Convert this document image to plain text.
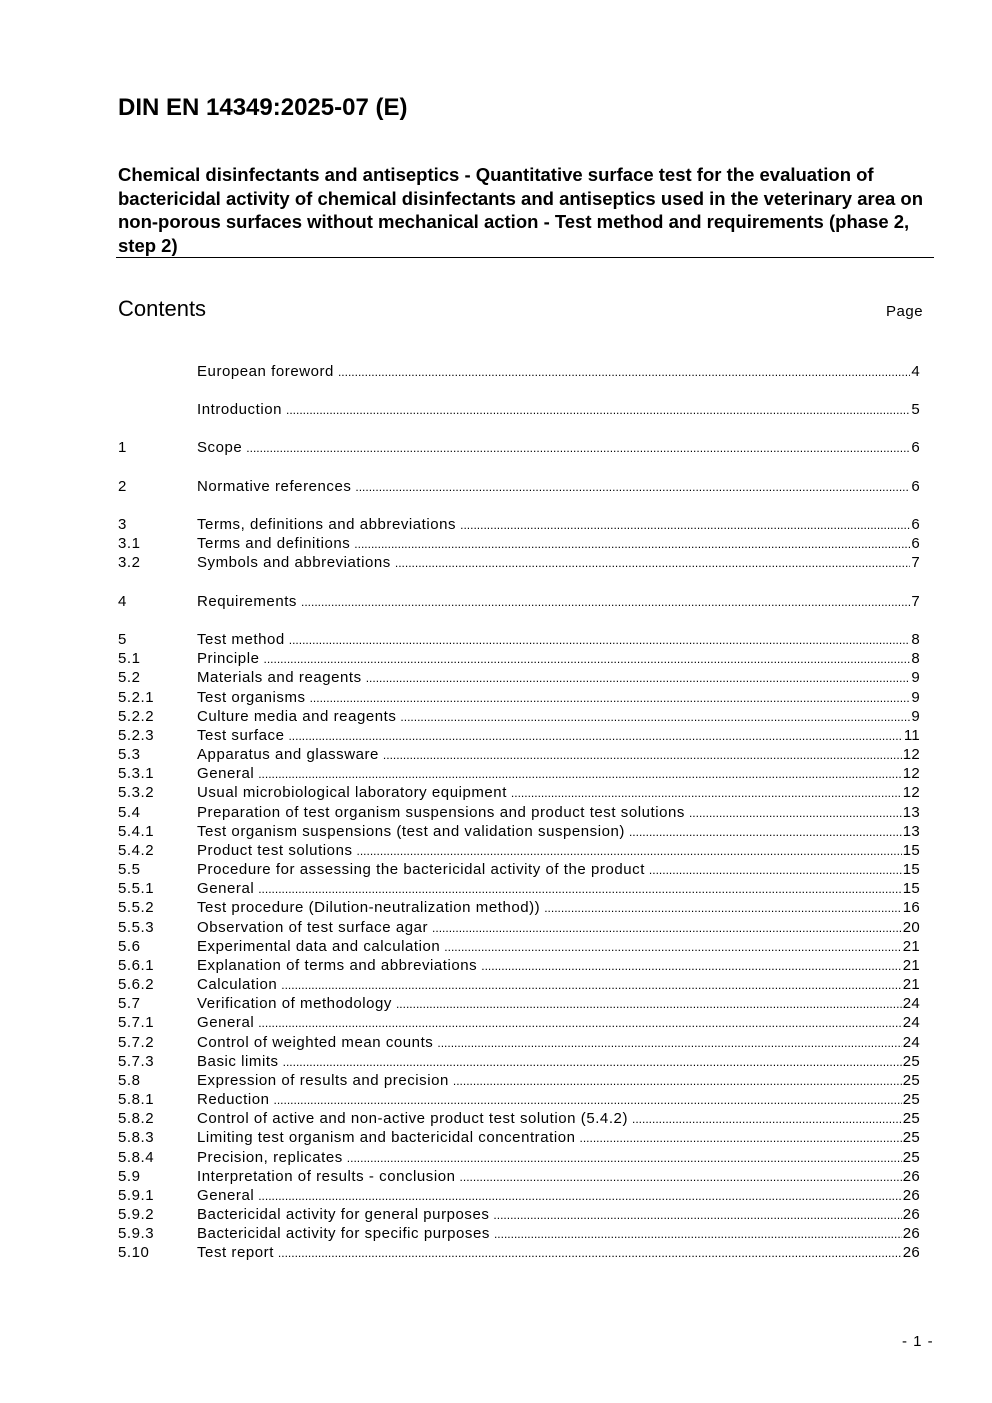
DIN EN 14349:2025-07 (E)
Chemical disinfectants and antiseptics - Quantitative surface test for the evaluation of bactericidal activity of chemical disinfectants and antiseptics used in the veterinary area on non-porous surfaces without mechanical action - Test method and requirements (phase 2, step 2)
Contents	Page
European foreword .....	4
Introduction .....	5
1	Scope .....	6
2	Normative references .....	6
3	Terms, definitions and abbreviations .....	6
3.1	Terms and definitions .....	6
3.2	Symbols and abbreviations .....	7
4	Requirements .....	7
5	Test method .....	8
5.1	Principle .....	8
5.2	Materials and reagents .....	9
5.2.1	Test organisms .....	9
5.2.2	Culture media and reagents .....	9
5.2.3	Test surface .....	11
5.3	Apparatus and glassware .....	12
5.3.1	General .....	12
5.3.2	Usual microbiological laboratory equipment .....	12
5.4	Preparation of test organism suspensions and product test solutions .....	13
5.4.1	Test organism suspensions (test and validation suspension) .....	13
5.4.2	Product test solutions .....	15
5.5	Procedure for assessing the bactericidal activity of the product .....	15
5.5.1	General .....	15
5.5.2	Test procedure (Dilution-neutralization method)) .....	16
5.5.3	Observation of test surface agar .....	20
5.6	Experimental data and calculation .....	21
5.6.1	Explanation of terms and abbreviations .....	21
5.6.2	Calculation .....	21
5.7	Verification of methodology .....	24
5.7.1	General .....	24
5.7.2	Control of weighted mean counts .....	24
5.7.3	Basic limits .....	25
5.8	Expression of results and precision .....	25
5.8.1	Reduction .....	25
5.8.2	Control of active and non-active product test solution (5.4.2) .....	25
5.8.3	Limiting test organism and bactericidal concentration .....	25
5.8.4	Precision, replicates .....	25
5.9	Interpretation of results - conclusion .....	26
5.9.1	General .....	26
5.9.2	Bactericidal activity for general purposes .....	26
5.9.3	Bactericidal activity for specific purposes .....	26
5.10	Test report .....	26
- 1 -
